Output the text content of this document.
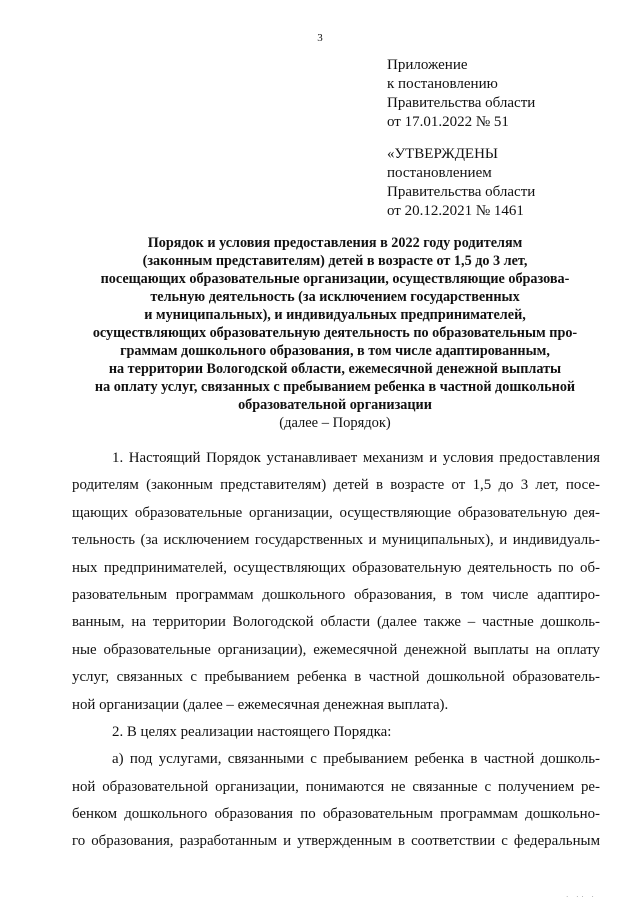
3
Приложение
к постановлению
Правительства области
от 17.01.2022 № 51
«УТВЕРЖДЕНЫ
постановлением
Правительства области
от 20.12.2021 № 1461
Порядок и условия предоставления в 2022 году родителям
(законным представителям) детей в возрасте от 1,5 до 3 лет,
посещающих образовательные организации, осуществляющие образова-
тельную деятельность (за исключением государственных
и муниципальных), и индивидуальных предпринимателей,
осуществляющих образовательную деятельность по образовательным про-
граммам дошкольного образования, в том числе адаптированным,
на территории Вологодской области, ежемесячной денежной выплаты
на оплату услуг, связанных с пребыванием ребенка в частной дошкольной
образовательной организации
(далее – Порядок)
1. Настоящий Порядок устанавливает механизм и условия предоставления
родителям (законным представителям) детей в возрасте от 1,5 до 3 лет, посе-
щающих образовательные организации, осуществляющие образовательную дея-
тельность (за исключением государственных и муниципальных), и индивидуаль-
ных предпринимателей, осуществляющих образовательную деятельность по об-
разовательным программам дошкольного образования, в том числе адаптиро-
ванным, на территории Вологодской области (далее также – частные дошколь-
ные образовательные организации), ежемесячной денежной выплаты на оплату
услуг, связанных с пребыванием ребенка в частной дошкольной образователь-
ной организации (далее – ежемесячная денежная выплата).
2. В целях реализации настоящего Порядка:
а) под услугами, связанными с пребыванием ребенка в частной дошколь-
ной образовательной организации, понимаются не связанные с получением ре-
бенком дошкольного образования по образовательным программам дошкольно-
го образования, разработанным и утвержденным в соответствии с федеральным
· ·· ·
